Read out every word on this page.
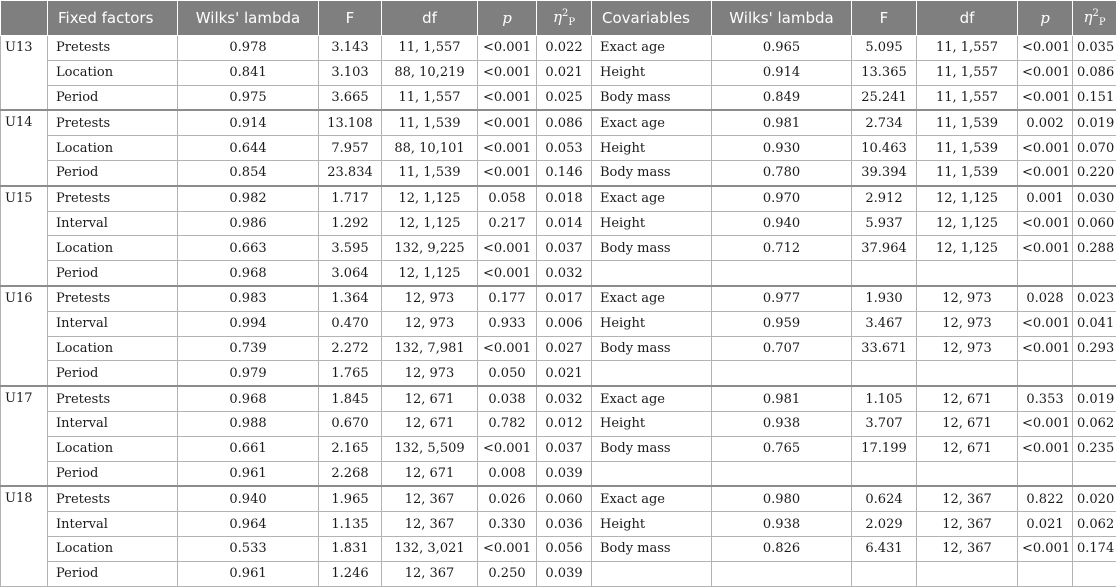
	Fixed factors	Wilks' lambda	F	df	p	$\eta^2_P$	Covariables	Wilks' lambda	F	df	p	$\eta^2_P$
U13	Pretests	0.978	3.143	11, 1,557	<0.001	0.022	Exact age	0.965	5.095	11, 1,557	<0.001	0.035
	Location	0.841	3.103	88, 10,219	<0.001	0.021	Height	0.914	13.365	11, 1,557	<0.001	0.086
	Period	0.975	3.665	11, 1,557	<0.001	0.025	Body mass	0.849	25.241	11, 1,557	<0.001	0.151
U14	Pretests	0.914	13.108	11, 1,539	<0.001	0.086	Exact age	0.981	2.734	11, 1,539	0.002	0.019
	Location	0.644	7.957	88, 10,101	<0.001	0.053	Height	0.930	10.463	11, 1,539	<0.001	0.070
	Period	0.854	23.834	11, 1,539	<0.001	0.146	Body mass	0.780	39.394	11, 1,539	<0.001	0.220
U15	Pretests	0.982	1.717	12, 1,125	0.058	0.018	Exact age	0.970	2.912	12, 1,125	0.001	0.030
	Interval	0.986	1.292	12, 1,125	0.217	0.014	Height	0.940	5.937	12, 1,125	<0.001	0.060
	Location	0.663	3.595	132, 9,225	<0.001	0.037	Body mass	0.712	37.964	12, 1,125	<0.001	0.288
	Period	0.968	3.064	12, 1,125	<0.001	0.032						
U16	Pretests	0.983	1.364	12, 973	0.177	0.017	Exact age	0.977	1.930	12, 973	0.028	0.023
	Interval	0.994	0.470	12, 973	0.933	0.006	Height	0.959	3.467	12, 973	<0.001	0.041
	Location	0.739	2.272	132, 7,981	<0.001	0.027	Body mass	0.707	33.671	12, 973	<0.001	0.293
	Period	0.979	1.765	12, 973	0.050	0.021						
U17	Pretests	0.968	1.845	12, 671	0.038	0.032	Exact age	0.981	1.105	12, 671	0.353	0.019
	Interval	0.988	0.670	12, 671	0.782	0.012	Height	0.938	3.707	12, 671	<0.001	0.062
	Location	0.661	2.165	132, 5,509	<0.001	0.037	Body mass	0.765	17.199	12, 671	<0.001	0.235
	Period	0.961	2.268	12, 671	0.008	0.039						
U18	Pretests	0.940	1.965	12, 367	0.026	0.060	Exact age	0.980	0.624	12, 367	0.822	0.020
	Interval	0.964	1.135	12, 367	0.330	0.036	Height	0.938	2.029	12, 367	0.021	0.062
	Location	0.533	1.831	132, 3,021	<0.001	0.056	Body mass	0.826	6.431	12, 367	<0.001	0.174
	Period	0.961	1.246	12, 367	0.250	0.039						
